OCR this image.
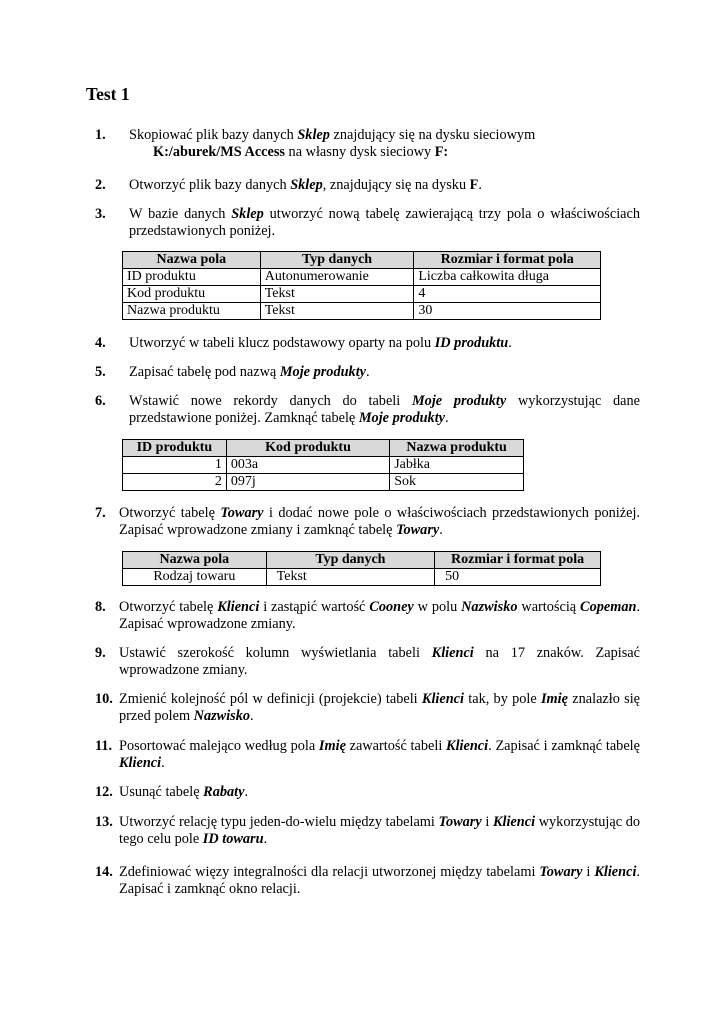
Test 1
1. Skopiować plik bazy danych Sklep znajdujący się na dysku sieciowym
K:/aburek/MS Access na własny dysk sieciowy F:
2. Otworzyć plik bazy danych Sklep, znajdujący się na dysku F.
3. W bazie danych Sklep utworzyć nową tabelę zawierającą trzy pola o właściwościach przedstawionych poniżej.
Nazwa pola	Typ danych	Rozmiar i format pola
ID produktu	Autonumerowanie	Liczba całkowita długa
Kod produktu	Tekst	4
Nazwa produktu	Tekst	30
4. Utworzyć w tabeli klucz podstawowy oparty na polu ID produktu.
5. Zapisać tabelę pod nazwą Moje produkty.
6. Wstawić nowe rekordy danych do tabeli Moje produkty wykorzystując dane przedstawione poniżej. Zamknąć tabelę Moje produkty.
ID produktu	Kod produktu	Nazwa produktu
1	003a	Jabłka
2	097j	Sok
7. Otworzyć tabelę Towary i dodać nowe pole o właściwościach przedstawionych poniżej. Zapisać wprowadzone zmiany i zamknąć tabelę Towary.
Nazwa pola	Typ danych	Rozmiar i format pola
Rodzaj towaru	Tekst	50
8. Otworzyć tabelę Klienci i zastąpić wartość Cooney w polu Nazwisko wartością Copeman. Zapisać wprowadzone zmiany.
9. Ustawić szerokość kolumn wyświetlania tabeli Klienci na 17 znaków. Zapisać wprowadzone zmiany.
10. Zmienić kolejność pól w definicji (projekcie) tabeli Klienci tak, by pole Imię znalazło się przed polem Nazwisko.
11. Posortować malejąco według pola Imię zawartość tabeli Klienci. Zapisać i zamknąć tabelę Klienci.
12. Usunąć tabelę Rabaty.
13. Utworzyć relację typu jeden-do-wielu między tabelami Towary i Klienci wykorzystując do tego celu pole ID towaru.
14. Zdefiniować więzy integralności dla relacji utworzonej między tabelami Towary i Klienci. Zapisać i zamknąć okno relacji.
